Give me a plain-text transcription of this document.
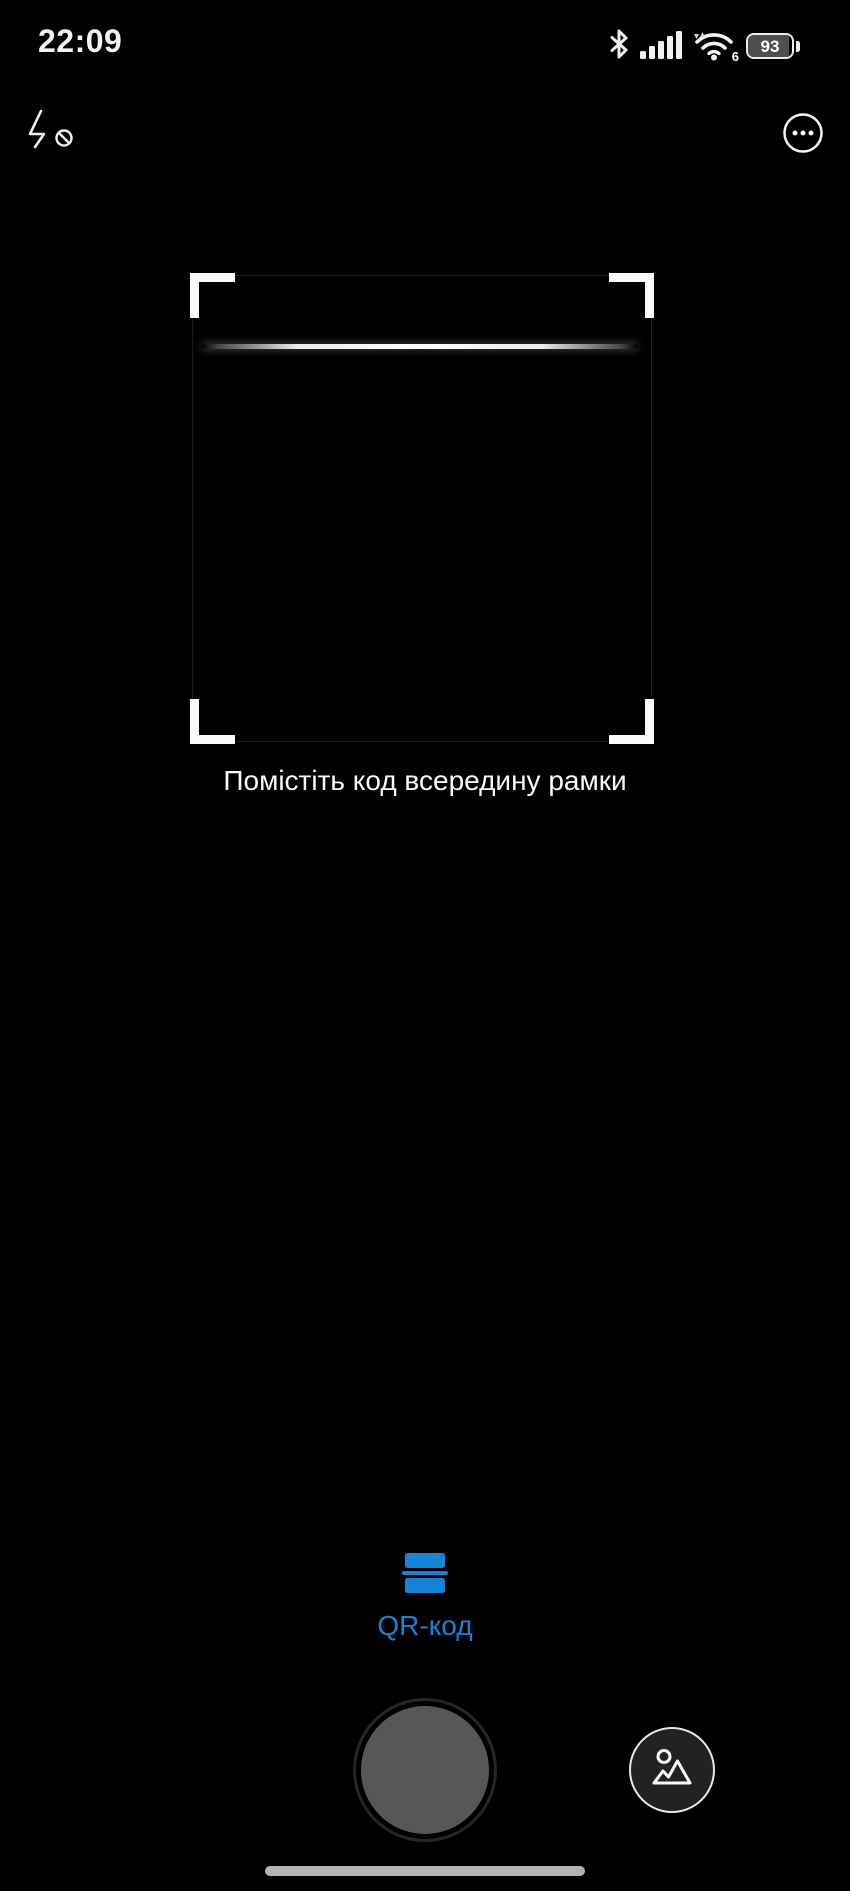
22:09	6
93
Помістіть код всередину рамки
QR-код
